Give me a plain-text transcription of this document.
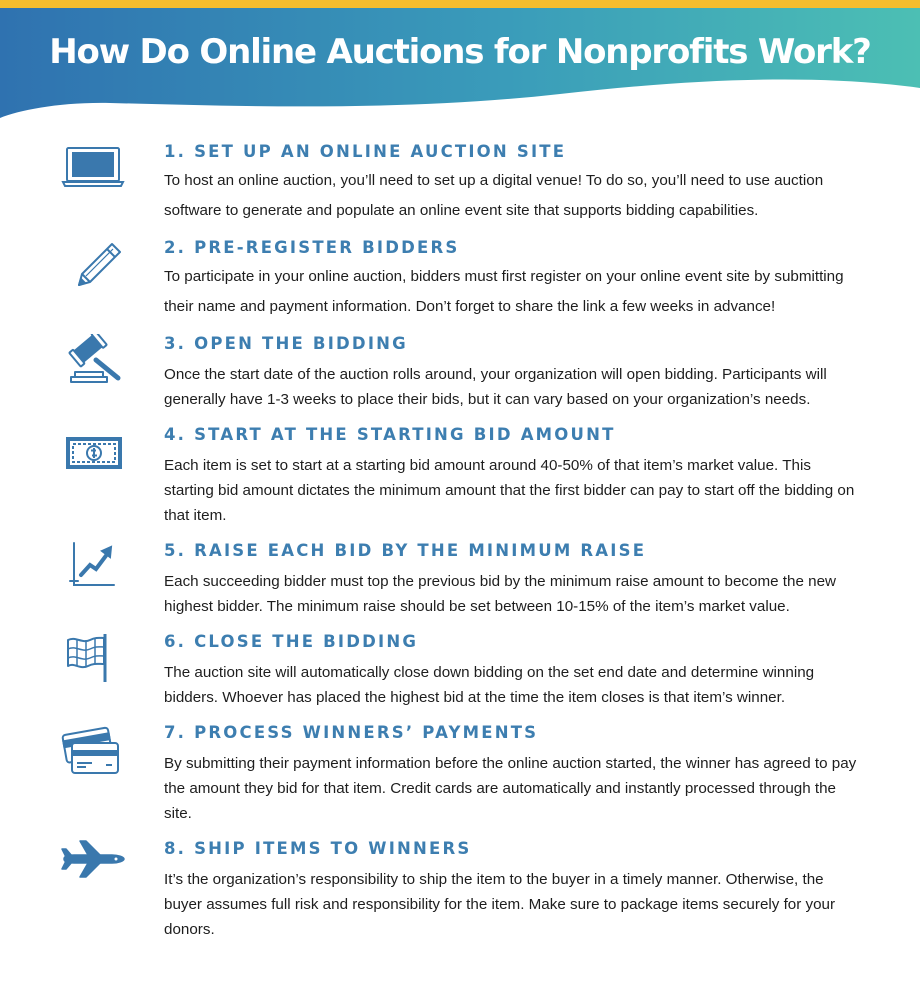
How Do Online Auctions for Nonprofits Work?
1. SET UP AN ONLINE AUCTION SITE

To host an online auction, you’ll need to set up a digital venue! To do so, you’ll need to use auction software to generate and populate an online event site that supports bidding capabilities.

2. PRE-REGISTER BIDDERS

To participate in your online auction, bidders must first register on your online event site by submitting their name and payment information. Don’t forget to share the link a few weeks in advance!

3. OPEN THE BIDDING

Once the start date of the auction rolls around, your organization will open bidding. Participants will generally have 1-3 weeks to place their bids, but it can vary based on your organization’s needs.

4. START AT THE STARTING BID AMOUNT

Each item is set to start at a starting bid amount around 40-50% of that item’s market value. This starting bid amount dictates the minimum amount that the first bidder can pay to start off the bidding on that item.

5. RAISE EACH BID BY THE MINIMUM RAISE

Each succeeding bidder must top the previous bid by the minimum raise amount to become the new highest bidder. The minimum raise should be set between 10-15% of the item’s market value.

6. CLOSE THE BIDDING

The auction site will automatically close down bidding on the set end date and determine winning bidders. Whoever has placed the highest bid at the time the item closes is that item’s winner.

7. PROCESS WINNERS’ PAYMENTS

By submitting their payment information before the online auction started, the winner has agreed to pay the amount they bid for that item. Credit cards are automatically and instantly processed through the site.

8. SHIP ITEMS TO WINNERS

It’s the organization’s responsibility to ship the item to the buyer in a timely manner. Otherwise, the buyer assumes full risk and responsibility for the item. Make sure to package items securely for your donors.
